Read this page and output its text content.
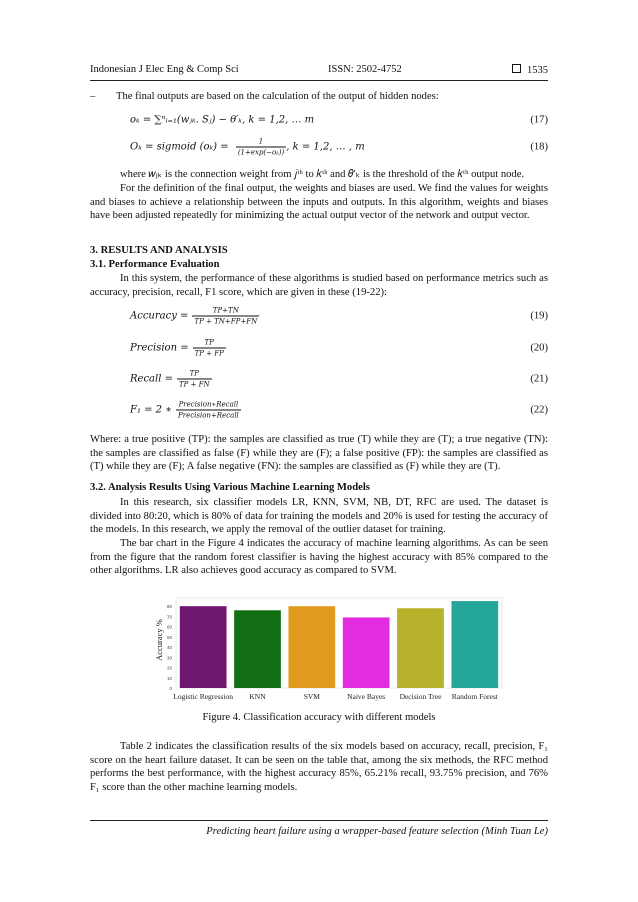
Indonesian J Elec Eng & Comp Sci	ISSN: 2502-4752	1535
– The final outputs are based on the calculation of the output of hidden nodes:
𝑜ₖ = ∑ⁿᵢ₌₁(𝑤ⱼₖ. 𝑆ⱼ) − 𝜃′ₖ, 𝑘 = 1,2, … 𝑚	(17)
𝑂ₖ = 𝑠𝑖𝑔𝑚𝑜𝑖𝑑 (𝑜ₖ) = $\frac{1}{\text{(1+exp(−𝑜ₖ))}}$ , 𝑘 = 1,2, … , 𝑚	(18)
where 𝑤ⱼₖ is the connection weight from 𝑗ᵗʰ to 𝑘ᵗʰ and 𝜃′ₖ is the threshold of the 𝑘ᵗʰ output node.
For the definition of the final output, the weights and biases are used. We find the values for weights and biases to achieve a relationship between the inputs and outputs. In this algorithm, weights and biases have been adjusted repeatedly for minimizing the actual output vector of the network and output vector.
3. RESULTS AND ANALYSIS
3.1. Performance Evaluation
In this system, the performance of these algorithms is studied based on performance metrics such as accuracy, precision, recall, F1 score, which are given in these (19-22):
𝐴𝑐𝑐𝑢𝑟𝑎𝑐𝑦 = $\frac{\text{𝑇𝑃+𝑇𝑁}}{\text{𝑇𝑃 + 𝑇𝑁+𝐹𝑃+𝐹𝑁}}$	(19)
𝑃𝑟𝑒𝑐𝑖𝑠𝑖𝑜𝑛 = $\frac{TP}{\text{𝑇𝑃 + 𝐹𝑃}}$	(20)
𝑅𝑒𝑐𝑎𝑙𝑙 = $\frac{TP}{\text{𝑇𝑃 + 𝐹𝑁}}$	(21)
𝐹₁ = 2 ∗ $\frac{\text{𝑃𝑟𝑒𝑐𝑖𝑠𝑖𝑜𝑛∗𝑅𝑒𝑐𝑎𝑙𝑙}}{\text{𝑃𝑟𝑒𝑐𝑖𝑠𝑖𝑜𝑛+𝑅𝑒𝑐𝑎𝑙𝑙}}$	(22)
Where: a true positive (TP): the samples are classified as true (T) while they are (T); a true negative (TN): the samples are classified as false (F) while they are (F); a false positive (FP): the samples are classified as (T) while they are (F); A false negative (FN): the samples are classified as (F) while they are (T).
3.2. Analysis Results Using Various Machine Learning Models
In this research, six classifier models LR, KNN, SVM, NB, DT, RFC are used. The dataset is divided into 80:20, which is 80% of data for training the models and 20% is used for testing the accuracy of the models. In this research, we apply the removal of the outlier dataset for training.
The bar chart in the Figure 4 indicates the accuracy of machine learning algorithms. As can be seen from the figure that the random forest classifier is having the highest accuracy with 85% compared to the other algorithms. LR also achieves good accuracy as compared to SVM.
Accuracy %
0
10
20
30
40
50
60
70
80
Logistic Regression KNN	SVM	Naive Bayes Decision Tree Random Forest
Figure 4. Classification accuracy with different models
Table 2 indicates the classification results of the six models based on accuracy, recall, precision, F₁ score on the heart failure dataset. It can be seen on the table that, among the six methods, the RFC method performs the best performance, with the highest accuracy 85%, 65.21% recall, 93.75% precision, and 76% F₁ score than the other machine learning models.
Predicting heart failure using a wrapper-based feature selection (Minh Tuan Le)
